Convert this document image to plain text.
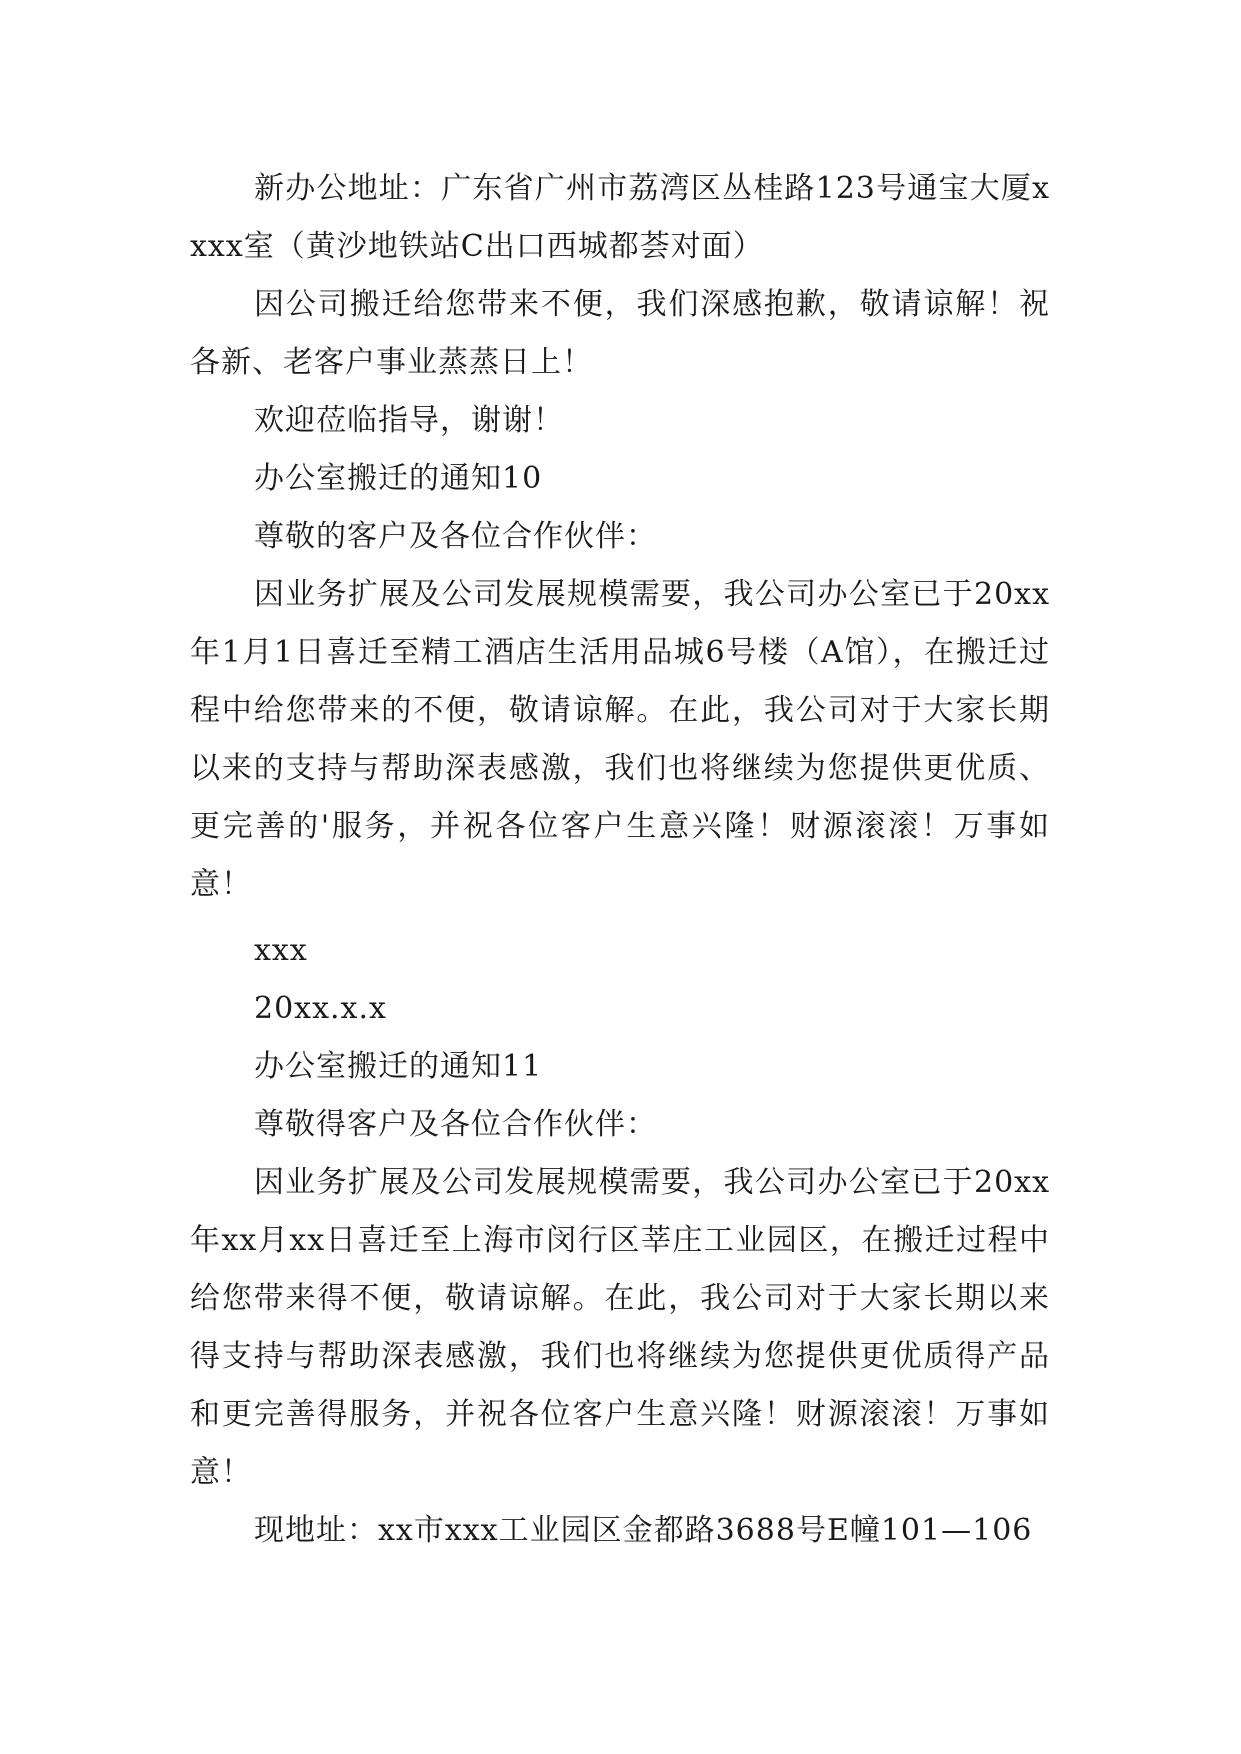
新办公地址：广东省广州市荔湾区丛桂路123号通宝大厦xxxx室（黄沙地铁站C出口西城都荟对面）

因公司搬迁给您带来不便，我们深感抱歉，敬请谅解！祝各新、老客户事业蒸蒸日上！

欢迎莅临指导，谢谢！

办公室搬迁的通知10

尊敬的客户及各位合作伙伴：

因业务扩展及公司发展规模需要，我公司办公室已于20xx年1月1日喜迁至精工酒店生活用品城6号楼（A馆），在搬迁过程中给您带来的不便，敬请谅解。在此，我公司对于大家长期以来的支持与帮助深表感激，我们也将继续为您提供更优质、更完善的'服务，并祝各位客户生意兴隆！财源滚滚！万事如意！

xxx

20xx.x.x

办公室搬迁的通知11

尊敬得客户及各位合作伙伴：

因业务扩展及公司发展规模需要，我公司办公室已于20xx年xx月xx日喜迁至上海市闵行区莘庄工业园区，在搬迁过程中给您带来得不便，敬请谅解。在此，我公司对于大家长期以来得支持与帮助深表感激，我们也将继续为您提供更优质得产品和更完善得服务，并祝各位客户生意兴隆！财源滚滚！万事如意！

现地址：xx市xxx工业园区金都路3688号E幢101—106
